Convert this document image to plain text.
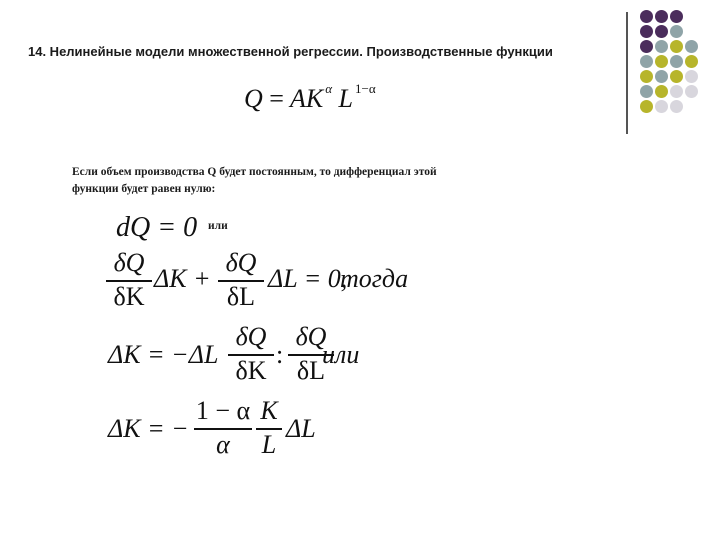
14. Нелинейные модели множественной регрессии. Производственные функции
Q = AK $^\alpha$ L $^{1-\alpha}$
Если объем производства Q будет постоянным, то дифференциал этой
функции будет равен нулю:
dQ = 0 или
δQ
δK
ΔK +
δQ
δL
ΔL = 0,
тогда
ΔK = −ΔL
δQ
δK
:
δQ
δL
или
ΔK = −
1 − α
α
K
L
ΔL
